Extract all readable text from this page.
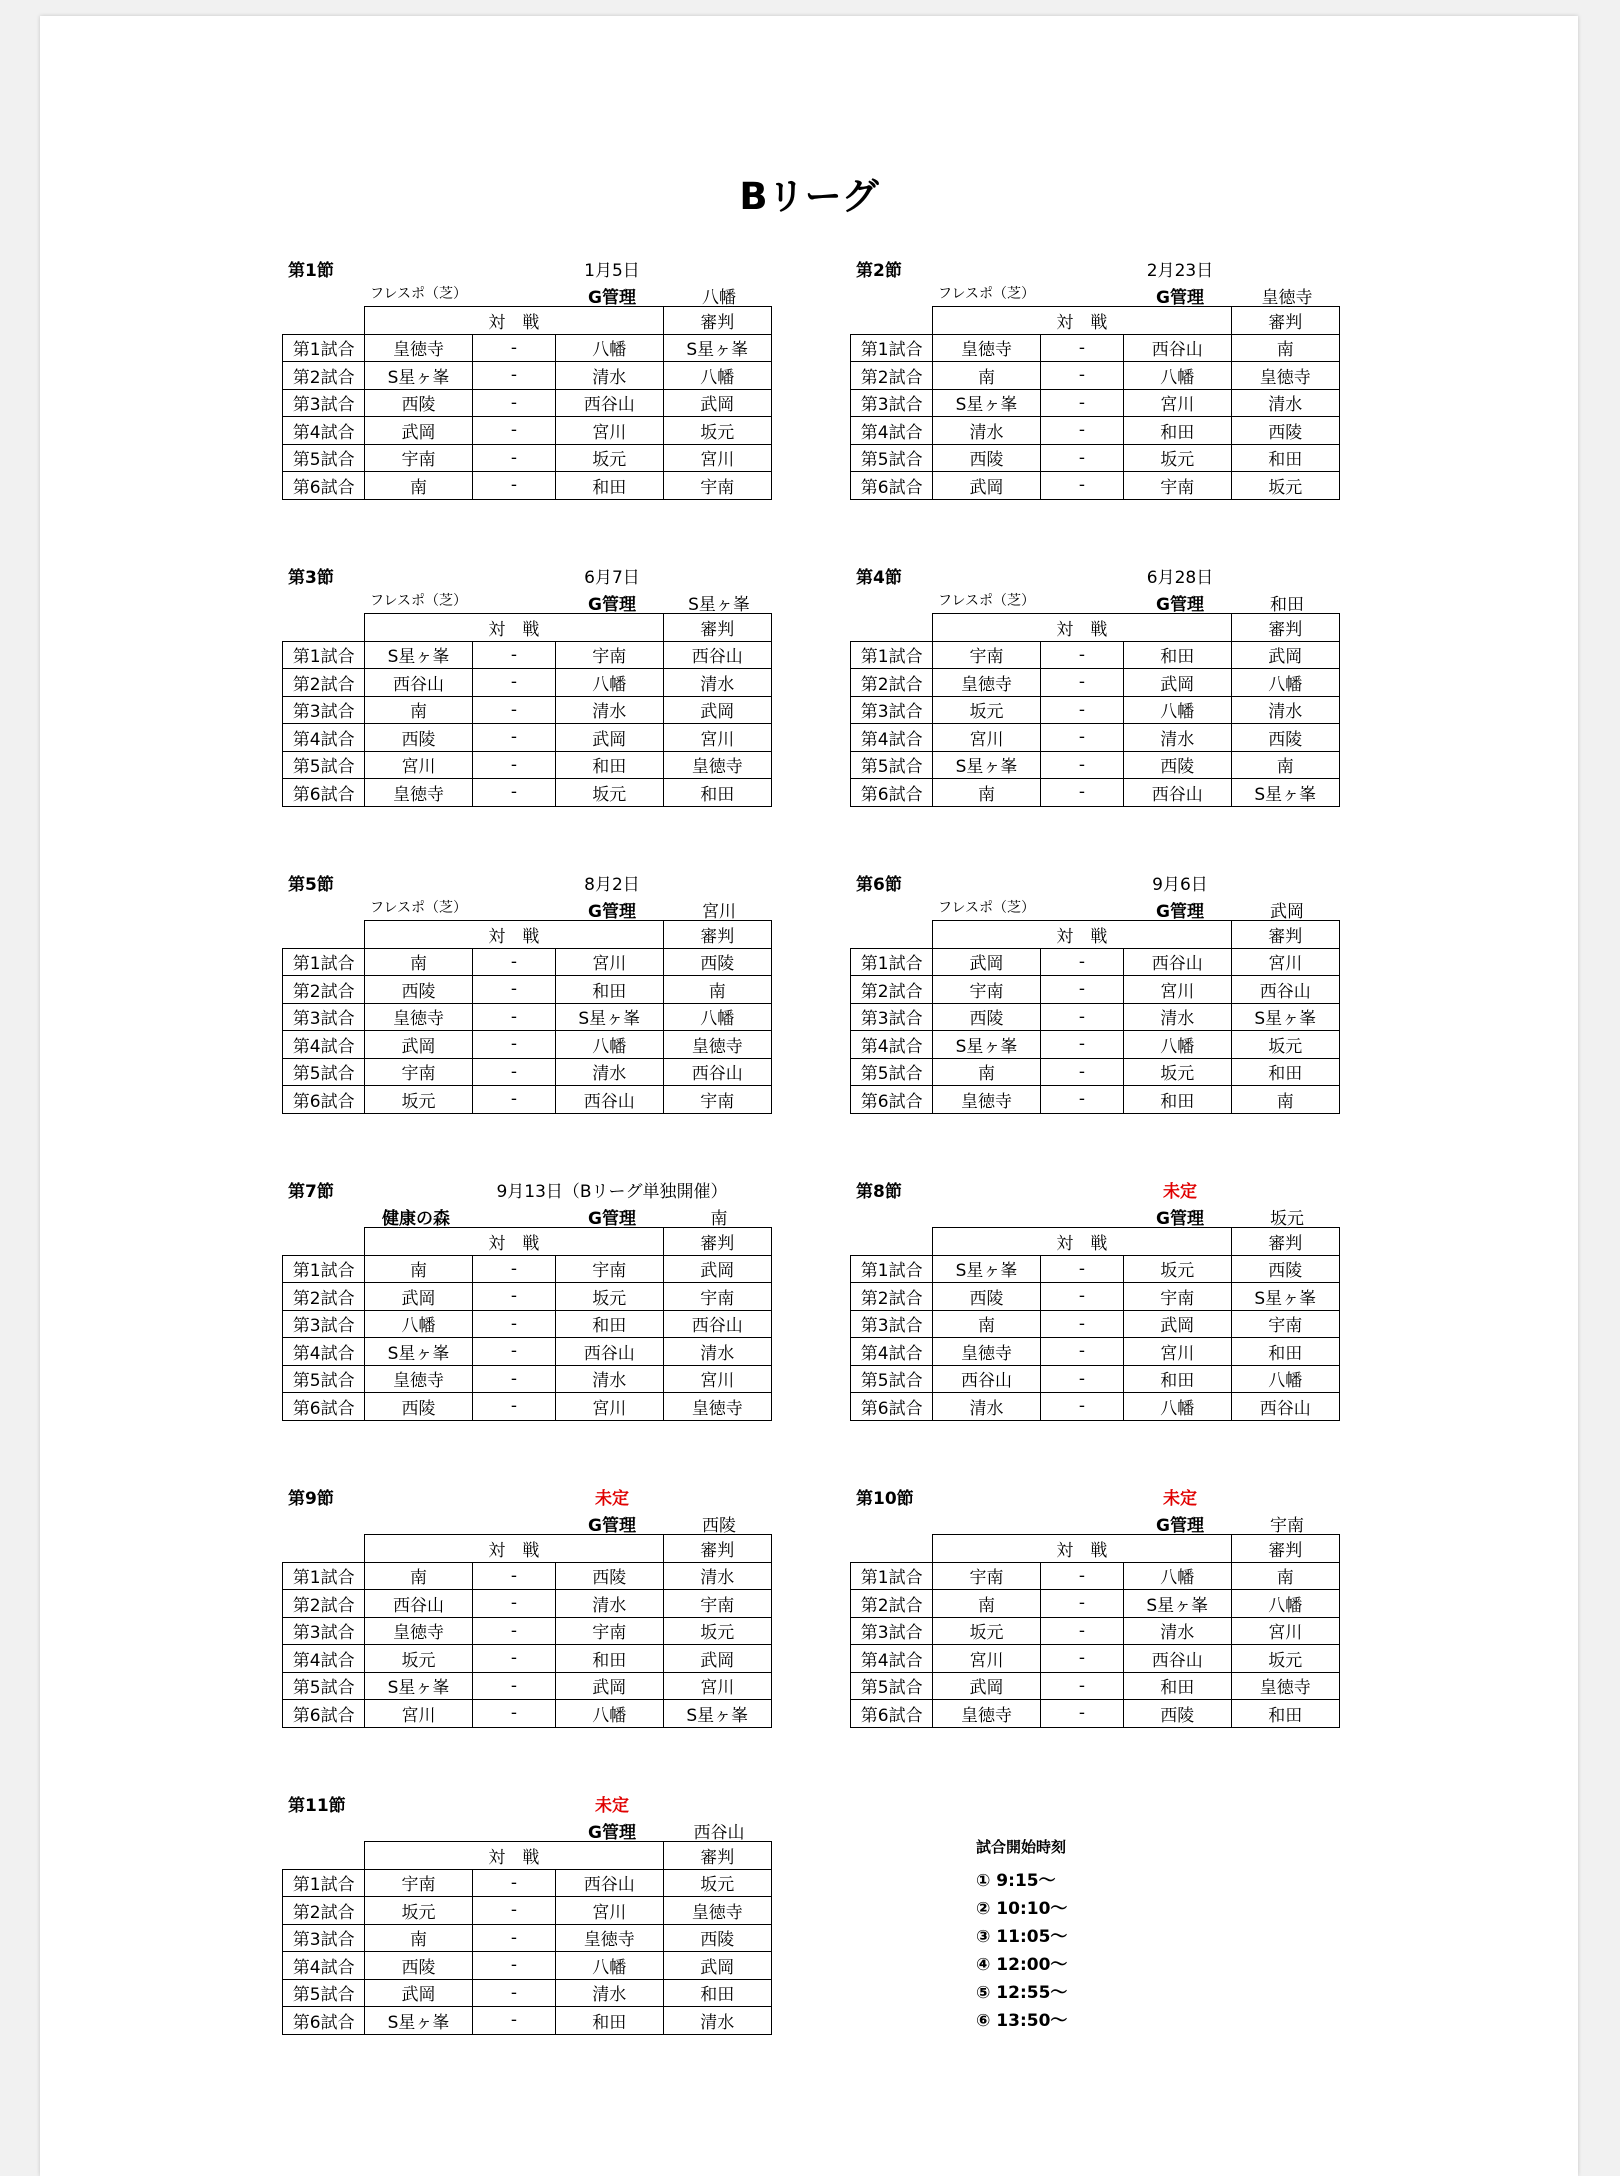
Bリーグ
第1節	1月5日
フレスポ（芝）	G管理	八幡
	対　戦			審判
第1試合	皇徳寺	-	八幡	S星ヶ峯
第2試合	S星ヶ峯	-	清水	八幡
第3試合	西陵	-	西谷山	武岡
第4試合	武岡	-	宮川	坂元
第5試合	宇南	-	坂元	宮川
第6試合	南	-	和田	宇南
第2節	2月23日
フレスポ（芝）	G管理	皇徳寺
	対　戦			審判
第1試合	皇徳寺	-	西谷山	南
第2試合	南	-	八幡	皇徳寺
第3試合	S星ヶ峯	-	宮川	清水
第4試合	清水	-	和田	西陵
第5試合	西陵	-	坂元	和田
第6試合	武岡	-	宇南	坂元
第3節	6月7日
フレスポ（芝）	G管理	S星ヶ峯
	対　戦			審判
第1試合	S星ヶ峯	-	宇南	西谷山
第2試合	西谷山	-	八幡	清水
第3試合	南	-	清水	武岡
第4試合	西陵	-	武岡	宮川
第5試合	宮川	-	和田	皇徳寺
第6試合	皇徳寺	-	坂元	和田
第4節	6月28日
フレスポ（芝）	G管理	和田
	対　戦			審判
第1試合	宇南	-	和田	武岡
第2試合	皇徳寺	-	武岡	八幡
第3試合	坂元	-	八幡	清水
第4試合	宮川	-	清水	西陵
第5試合	S星ヶ峯	-	西陵	南
第6試合	南	-	西谷山	S星ヶ峯
第5節	8月2日
フレスポ（芝）	G管理	宮川
	対　戦			審判
第1試合	南	-	宮川	西陵
第2試合	西陵	-	和田	南
第3試合	皇徳寺	-	S星ヶ峯	八幡
第4試合	武岡	-	八幡	皇徳寺
第5試合	宇南	-	清水	西谷山
第6試合	坂元	-	西谷山	宇南
第6節	9月6日
フレスポ（芝）	G管理	武岡
	対　戦			審判
第1試合	武岡	-	西谷山	宮川
第2試合	宇南	-	宮川	西谷山
第3試合	西陵	-	清水	S星ヶ峯
第4試合	S星ヶ峯	-	八幡	坂元
第5試合	南	-	坂元	和田
第6試合	皇徳寺	-	和田	南
第7節	9月13日（Bリーグ単独開催）
健康の森	G管理	南
	対　戦			審判
第1試合	南	-	宇南	武岡
第2試合	武岡	-	坂元	宇南
第3試合	八幡	-	和田	西谷山
第4試合	S星ヶ峯	-	西谷山	清水
第5試合	皇徳寺	-	清水	宮川
第6試合	西陵	-	宮川	皇徳寺
第8節	未定
G管理	坂元
	対　戦			審判
第1試合	S星ヶ峯	-	坂元	西陵
第2試合	西陵	-	宇南	S星ヶ峯
第3試合	南	-	武岡	宇南
第4試合	皇徳寺	-	宮川	和田
第5試合	西谷山	-	和田	八幡
第6試合	清水	-	八幡	西谷山
第9節	未定
G管理	西陵
	対　戦			審判
第1試合	南	-	西陵	清水
第2試合	西谷山	-	清水	宇南
第3試合	皇徳寺	-	宇南	坂元
第4試合	坂元	-	和田	武岡
第5試合	S星ヶ峯	-	武岡	宮川
第6試合	宮川	-	八幡	S星ヶ峯
第10節	未定
G管理	宇南
	対　戦			審判
第1試合	宇南	-	八幡	南
第2試合	南	-	S星ヶ峯	八幡
第3試合	坂元	-	清水	宮川
第4試合	宮川	-	西谷山	坂元
第5試合	武岡	-	和田	皇徳寺
第6試合	皇徳寺	-	西陵	和田
第11節	未定
G管理	西谷山
	対　戦			審判
第1試合	宇南	-	西谷山	坂元
第2試合	坂元	-	宮川	皇徳寺
第3試合	南	-	皇徳寺	西陵
第4試合	西陵	-	八幡	武岡
第5試合	武岡	-	清水	和田
第6試合	S星ヶ峯	-	和田	清水
試合開始時刻
① 9:15～
② 10:10～
③ 11:05～
④ 12:00～
⑤ 12:55～
⑥ 13:50～
